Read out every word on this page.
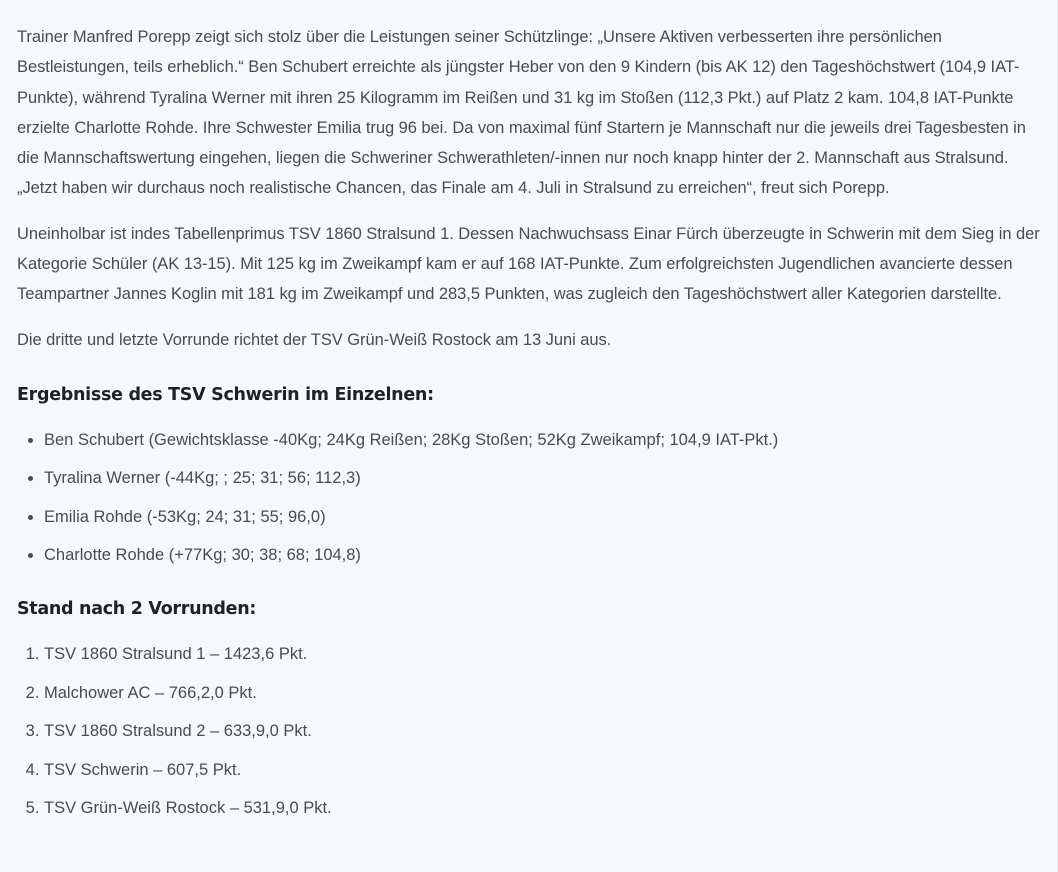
Trainer Manfred Porepp zeigt sich stolz über die Leistungen seiner Schützlinge: „Unsere Aktiven verbesserten ihre persönlichen Bestleistungen, teils erheblich.“ Ben Schubert erreichte als jüngster Heber von den 9 Kindern (bis AK 12) den Tageshöchstwert (104,9 IAT-Punkte), während Tyralina Werner mit ihren 25 Kilogramm im Reißen und 31 kg im Stoßen (112,3 Pkt.) auf Platz 2 kam. 104,8 IAT-Punkte erzielte Charlotte Rohde. Ihre Schwester Emilia trug 96 bei. Da von maximal fünf Startern je Mannschaft nur die jeweils drei Tagesbesten in die Mannschaftswertung eingehen, liegen die Schweriner Schwerathleten/-innen nur noch knapp hinter der 2. Mannschaft aus Stralsund. „Jetzt haben wir durchaus noch realistische Chancen, das Finale am 4. Juli in Stralsund zu erreichen“, freut sich Porepp.

Uneinholbar ist indes Tabellenprimus TSV 1860 Stralsund 1. Dessen Nachwuchsass Einar Fürch überzeugte in Schwerin mit dem Sieg in der Kategorie Schüler (AK 13-15). Mit 125 kg im Zweikampf kam er auf 168 IAT-Punkte. Zum erfolgreichsten Jugendlichen avancierte dessen Teampartner Jannes Koglin mit 181 kg im Zweikampf und 283,5 Punkten, was zugleich den Tageshöchstwert aller Kategorien darstellte.

Die dritte und letzte Vorrunde richtet der TSV Grün-Weiß Rostock am 13 Juni aus.

Ergebnisse des TSV Schwerin im Einzelnen:
• Ben Schubert (Gewichtsklasse -40Kg; 24Kg Reißen; 28Kg Stoßen; 52Kg Zweikampf; 104,9 IAT-Pkt.)
• Tyralina Werner (-44Kg; ; 25; 31; 56; 112,3)
• Emilia Rohde (-53Kg; 24; 31; 55; 96,0)
• Charlotte Rohde (+77Kg; 30; 38; 68; 104,8)
Stand nach 2 Vorrunden:
1. TSV 1860 Stralsund 1 – 1423,6 Pkt.
2. Malchower AC – 766,2,0 Pkt.
3. TSV 1860 Stralsund 2 – 633,9,0 Pkt.
4. TSV Schwerin – 607,5 Pkt.
5. TSV Grün-Weiß Rostock – 531,9,0 Pkt.
